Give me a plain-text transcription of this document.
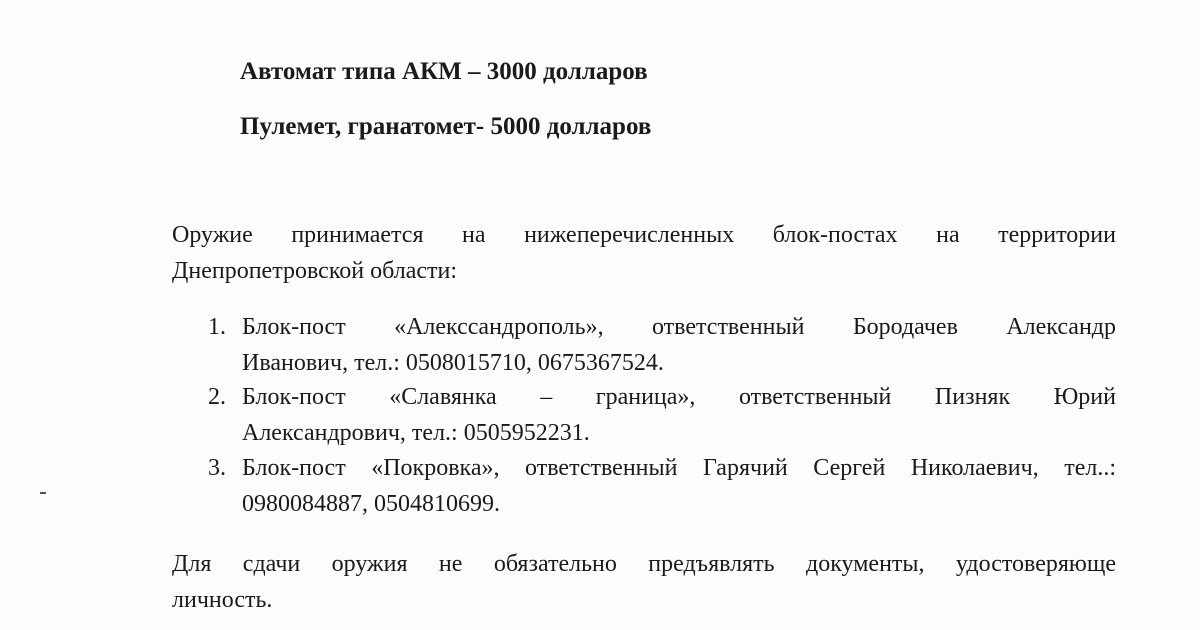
Автомат типа АКМ – 3000 долларов
Пулемет, гранатомет- 5000 долларов
Оружие принимается на нижеперечисленных блок-постах на территории
Днепропетровской области:
1. Блок-пост «Алексcандрополь», ответственный Бородачев Александр
Иванович, тел.: 0508015710, 0675367524.
2. Блок-пост «Славянка – граница», ответственный Пизняк Юрий
Александрович, тел.: 0505952231.
3. Блок-пост «Покровка», ответственный Гарячий Сергей Николаевич, тел..:
0980084887, 0504810699.
Для сдачи оружия не обязательно предъявлять документы, удостоверяюще
личность.
